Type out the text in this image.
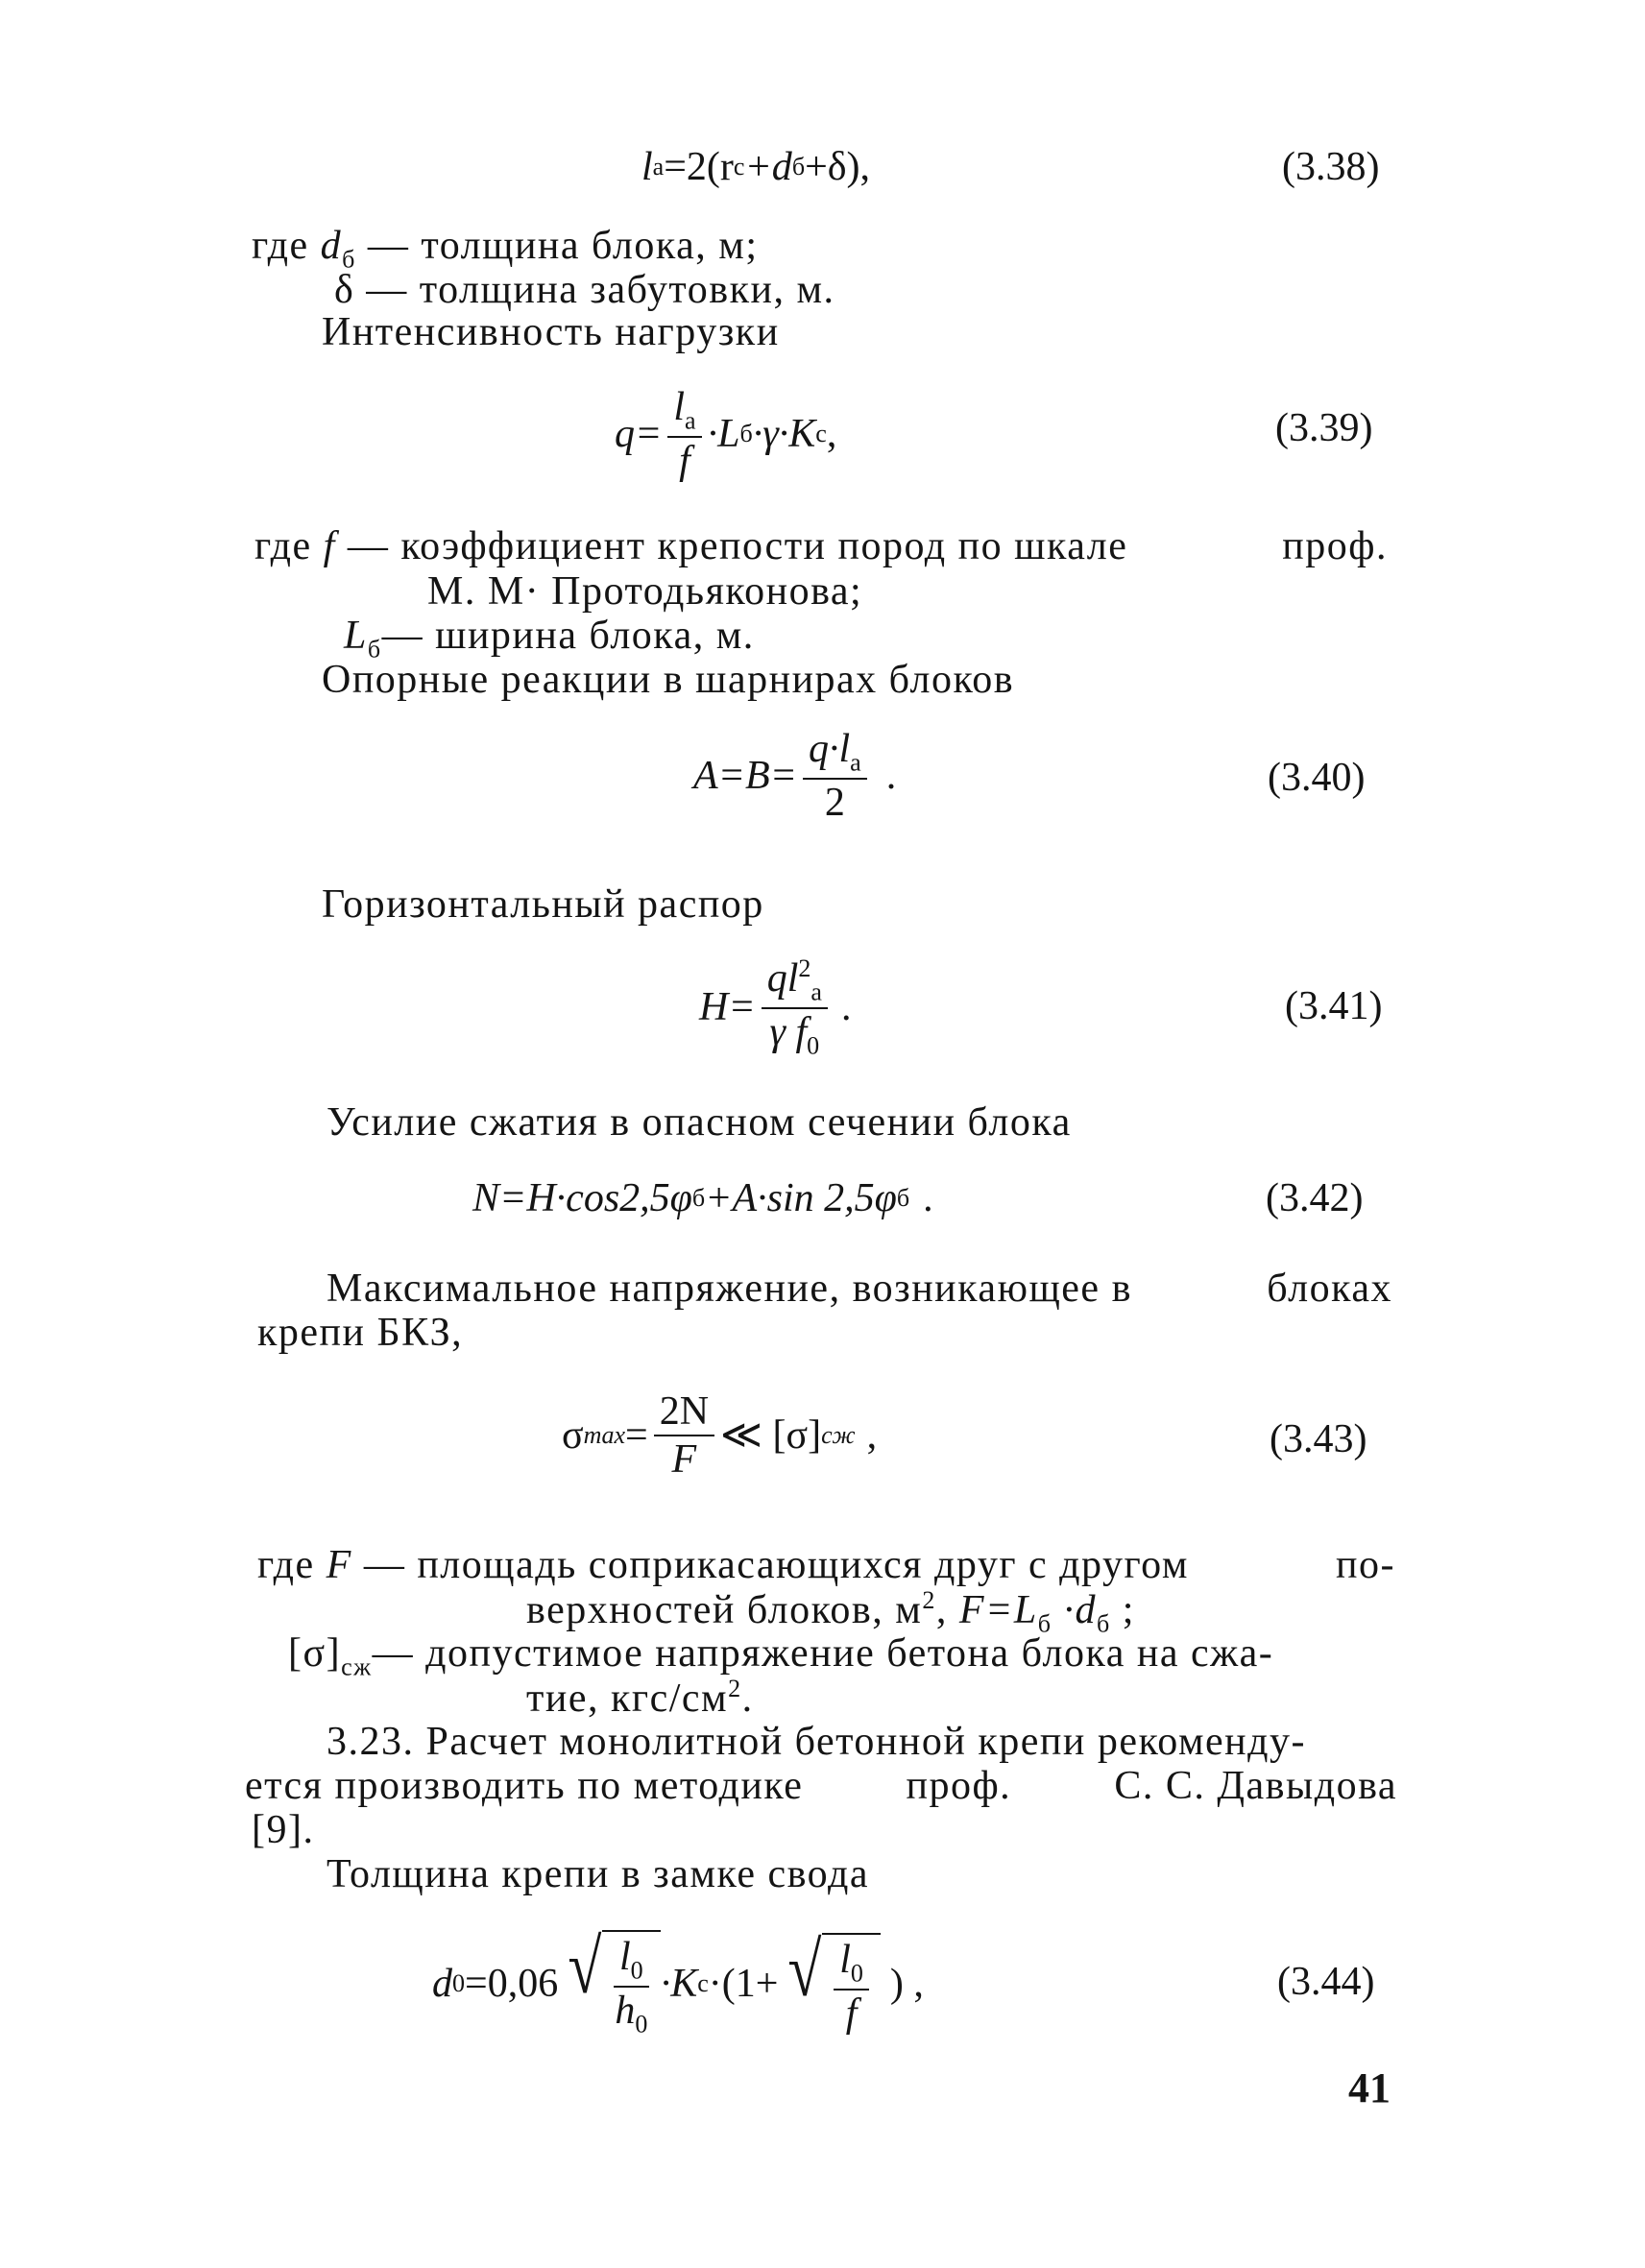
l a =2(r c +d б +δ),	(3.38)
где $d_б$ — толщина блока, м;
δ — толщина забутовки, м.
Интенсивность нагрузки
$q= \frac{l_a}{f} \cdot L$ б ·γ·K c ,	(3.39)
где f — коэффициент крепости пород по шкале	проф.
М. М· Протодьяконова;
$L_б—$ ширина блока, м.
Опорные реакции в шарнирах блоков
$A=B= \frac{q\cdot l_a}{2}$ .	(3.40)
Горизонтальный распор
$H= \frac{ql^2_a}{\gamma f_0}$ .	(3.41)
Усилие сжатия в опасном сечении блока
N=H·cos2,5φ б +A·sin 2,5φ б .	(3.42)
Максимальное напряжение, возникающее в	блоках
крепи БКЗ,
σ $\max = \frac{2N}{F}$ ≪ [σ] сж ,	(3.43)
где F — площадь соприкасающихся друг с другом	по-
верхностей блоков, $м^2$, $F=L_б \cdot d_б$ ;
$[\sigma]_{сж}—$ допустимое напряжение бетона блока на сжа-
тие, кгс/$см^2$.
3.23. Расчет монолитной бетонной крепи рекоменду-
ется производить по методике	проф.	С. С. Давыдова
[9].
Толщина крепи в замке свода
d 0 =0,06 √ $\frac{l_0}{h_0} \cdot K$ c ·(1+ √ $\frac{l_0}{f}$ ) ,	(3.44)
41
